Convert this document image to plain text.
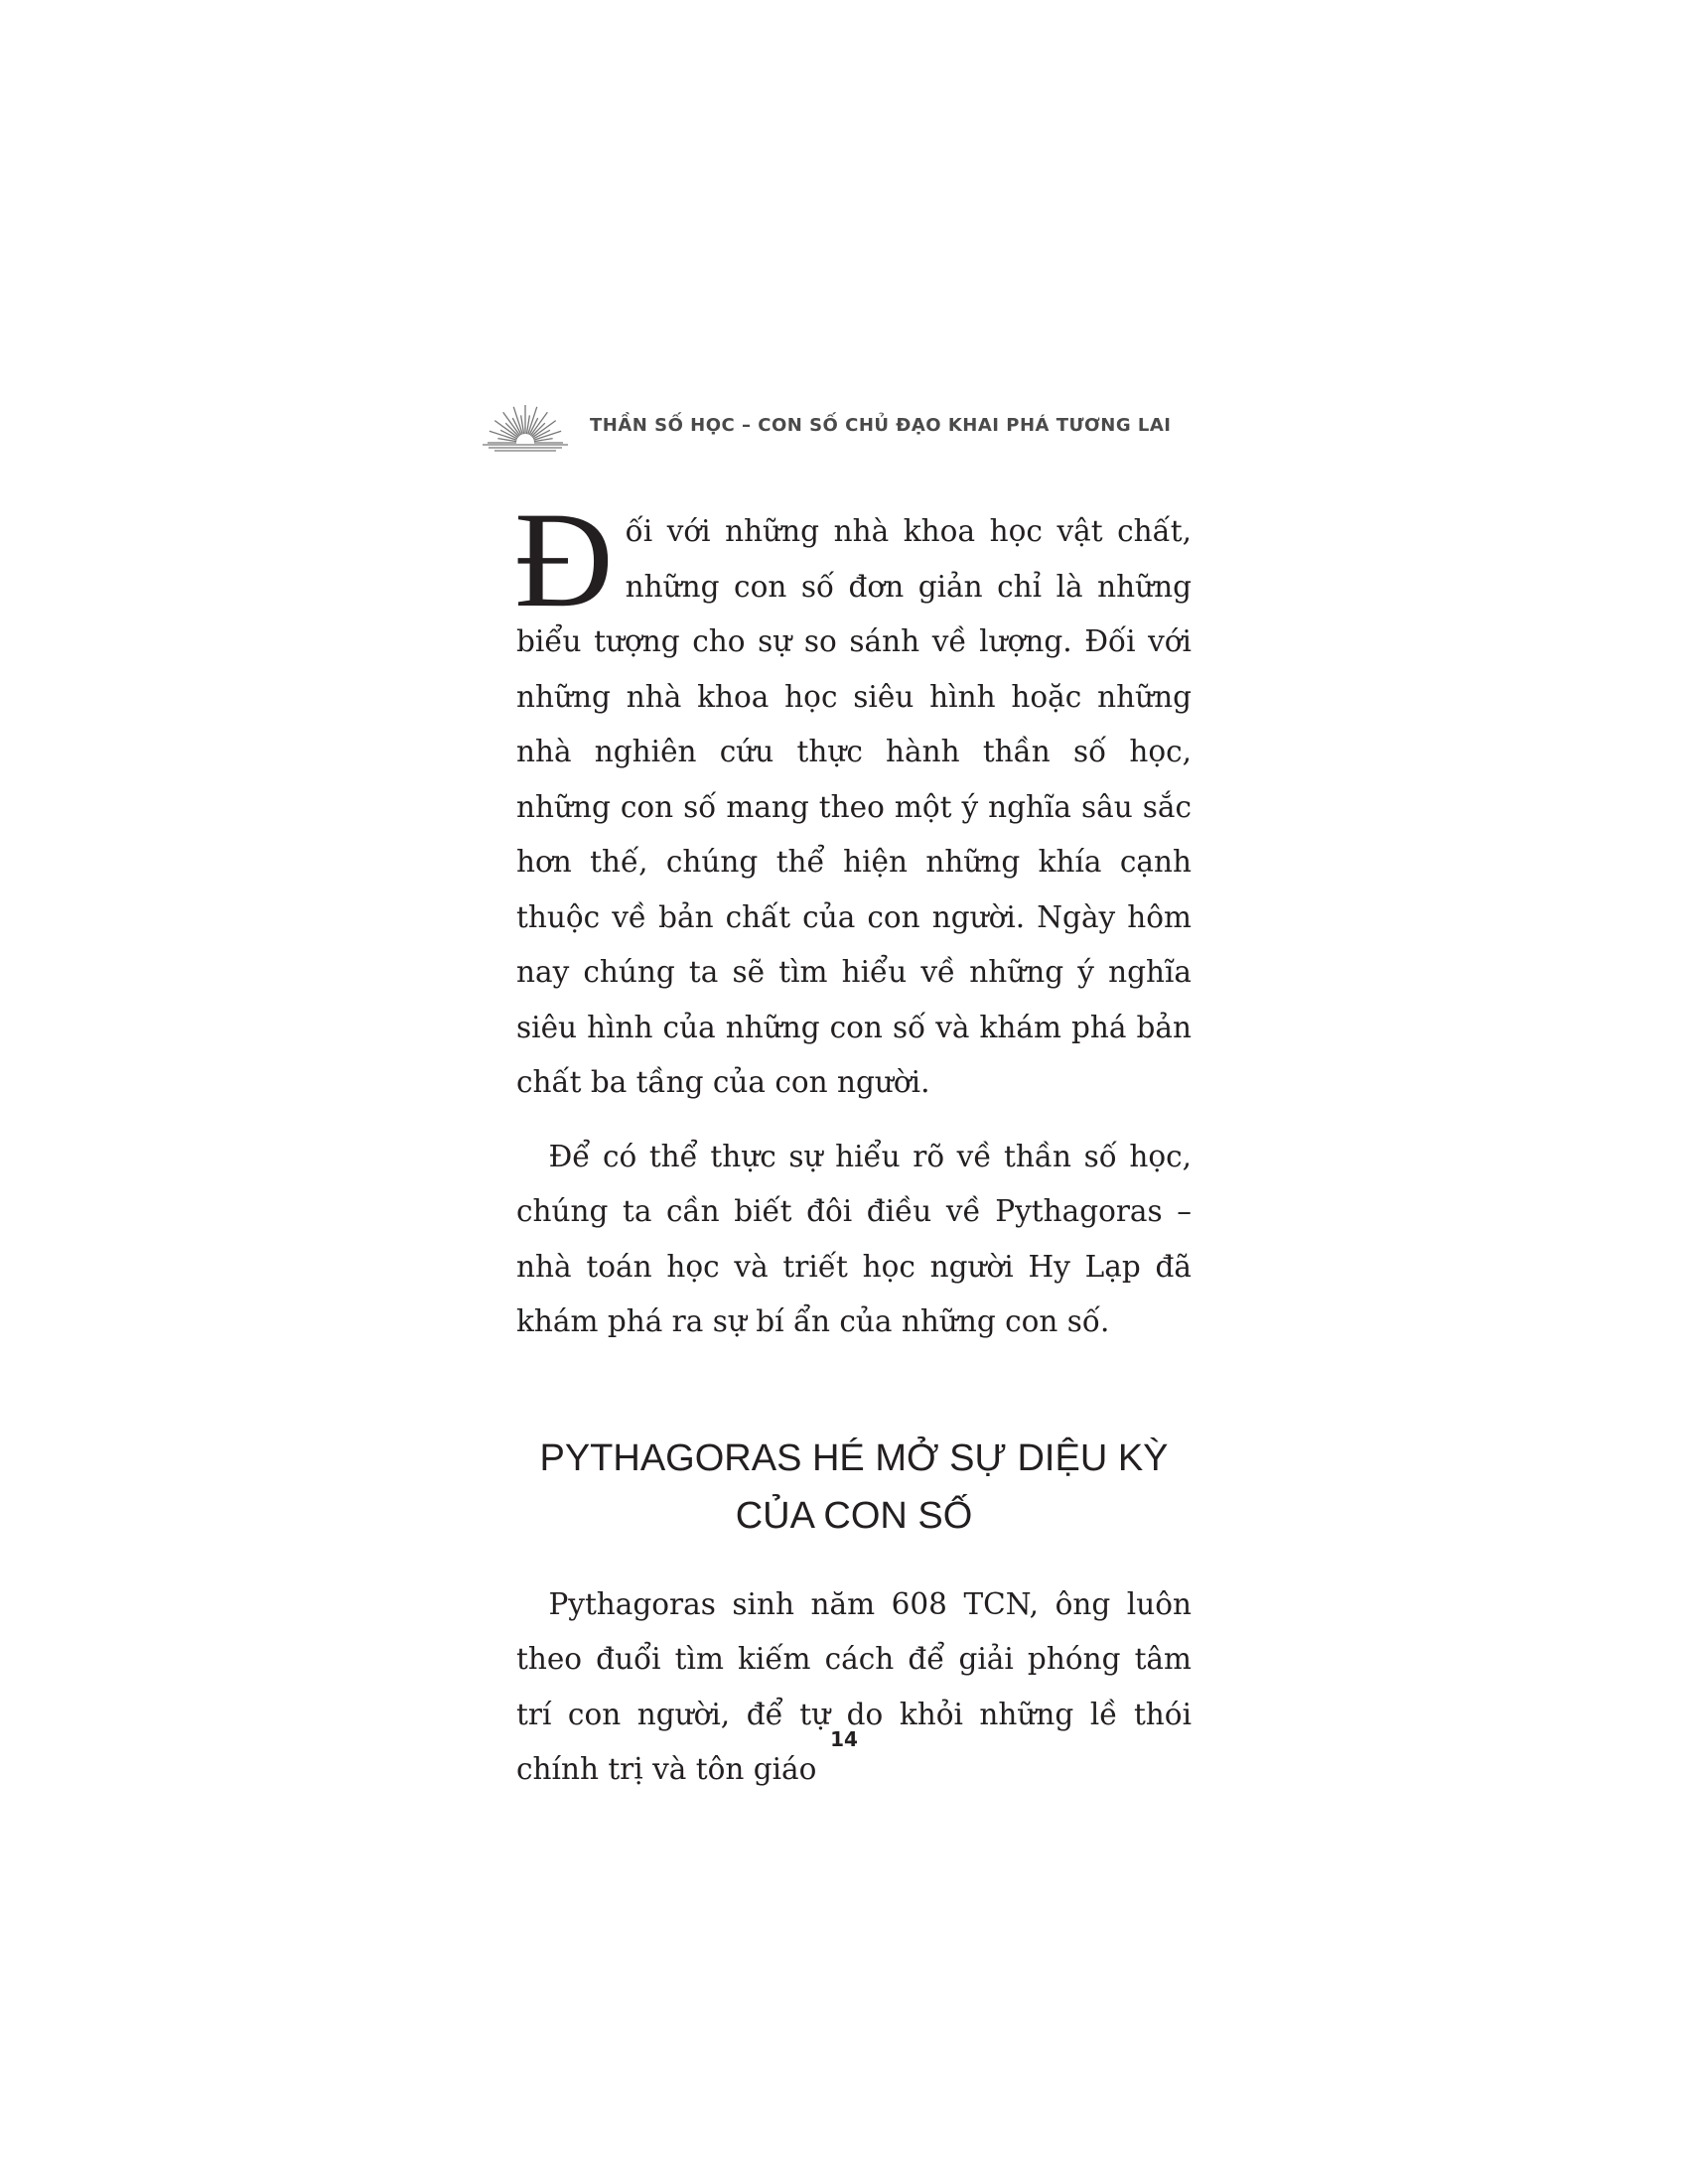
THẦN SỐ HỌC – CON SỐ CHỦ ĐẠO KHAI PHÁ TƯƠNG LAI

Đối với những nhà khoa học vật chất, những con số đơn giản chỉ là những biểu tượng cho sự so sánh về lượng. Đối với những nhà khoa học siêu hình hoặc những nhà nghiên cứu thực hành thần số học, những con số mang theo một ý nghĩa sâu sắc hơn thế, chúng thể hiện những khía cạnh thuộc về bản chất của con người. Ngày hôm nay chúng ta sẽ tìm hiểu về những ý nghĩa siêu hình của những con số và khám phá bản chất ba tầng của con người.

Để có thể thực sự hiểu rõ về thần số học, chúng ta cần biết đôi điều về Pythagoras – nhà toán học và triết học người Hy Lạp đã khám phá ra sự bí ẩn của những con số.

PYTHAGORAS HÉ MỞ SỰ DIỆU KỲ
CỦA CON SỐ

Pythagoras sinh năm 608 TCN, ông luôn theo đuổi tìm kiếm cách để giải phóng tâm trí con người, để tự do khỏi những lề thói chính trị và tôn giáo

14
